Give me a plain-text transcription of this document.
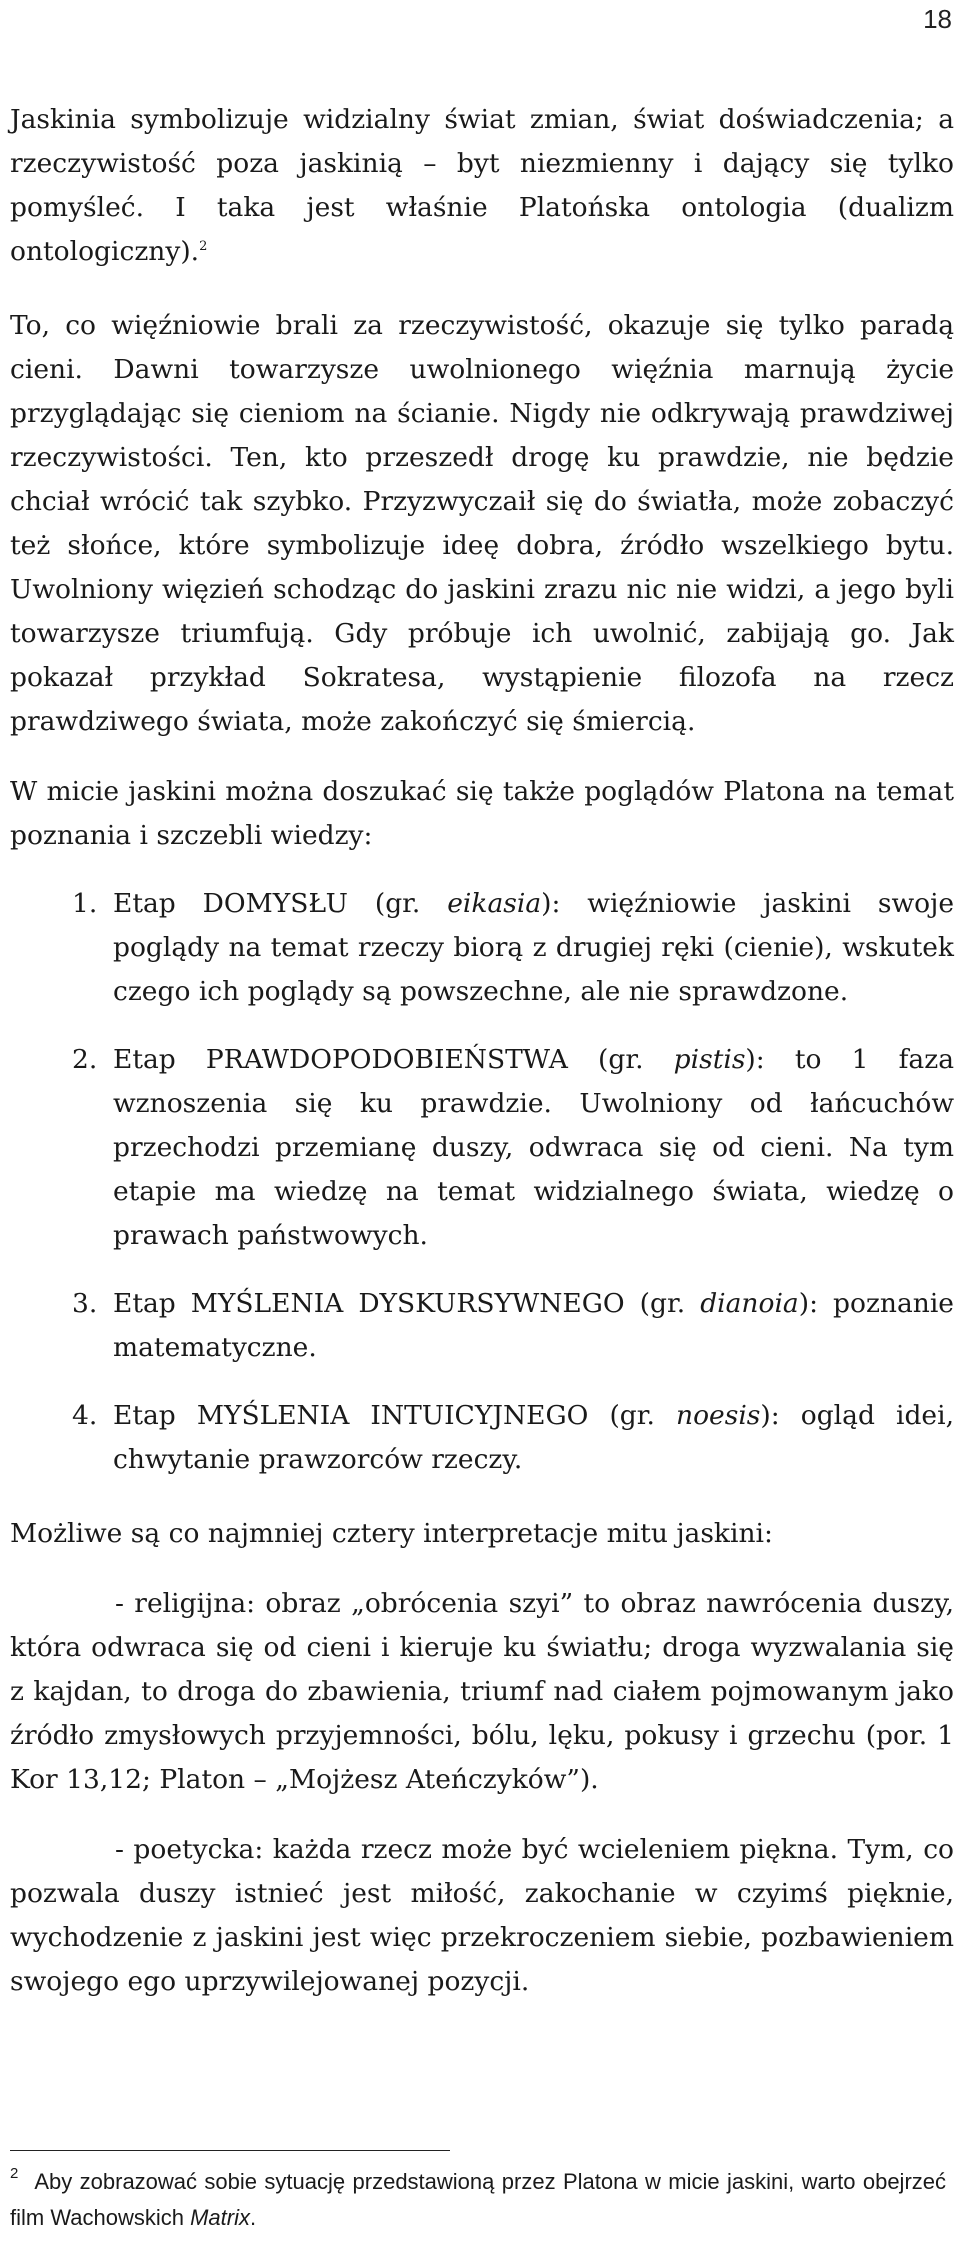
18

Jaskinia symbolizuje widzialny świat zmian, świat doświadczenia; a rzeczywistość poza jaskinią – byt niezmienny i dający się tylko pomyśleć. I taka jest właśnie Platońska ontologia (dualizm ontologiczny).$^2$

To, co więźniowie brali za rzeczywistość, okazuje się tylko paradą cieni. Dawni towarzysze uwolnionego więźnia marnują życie przyglądając się cieniom na ścianie. Nigdy nie odkrywają prawdziwej rzeczywistości. Ten, kto przeszedł drogę ku prawdzie, nie będzie chciał wrócić tak szybko. Przyzwyczaił się do światła, może zobaczyć też słońce, które symbolizuje ideę dobra, źródło wszelkiego bytu. Uwolniony więzień schodząc do jaskini zrazu nic nie widzi, a jego byli towarzysze triumfują. Gdy próbuje ich uwolnić, zabijają go. Jak pokazał przykład Sokratesa, wystąpienie filozofa na rzecz prawdziwego świata, może zakończyć się śmiercią.

W micie jaskini można doszukać się także poglądów Platona na temat poznania i szczebli wiedzy:

1. Etap DOMYSŁU (gr. eikasia): więźniowie jaskini swoje poglądy na temat rzeczy biorą z drugiej ręki (cienie), wskutek czego ich poglądy są powszechne, ale nie sprawdzone.
2. Etap PRAWDOPODOBIEŃSTWA (gr. pistis): to 1 faza wznoszenia się ku prawdzie. Uwolniony od łańcuchów przechodzi przemianę duszy, odwraca się od cieni. Na tym etapie ma wiedzę na temat widzialnego świata, wiedzę o prawach państwowych.
3. Etap MYŚLENIA DYSKURSYWNEGO (gr. dianoia): poznanie matematyczne.
4. Etap MYŚLENIA INTUICYJNEGO (gr. noesis): ogląd idei, chwytanie prawzorców rzeczy.

Możliwe są co najmniej cztery interpretacje mitu jaskini:

- religijna: obraz „obrócenia szyi” to obraz nawrócenia duszy, która odwraca się od cieni i kieruje ku światłu; droga wyzwalania się z kajdan, to droga do zbawienia, triumf nad ciałem pojmowanym jako źródło zmysłowych przyjemności, bólu, lęku, pokusy i grzechu (por. 1 Kor 13,12; Platon – „Mojżesz Ateńczyków”).

- poetycka: każda rzecz może być wcieleniem piękna. Tym, co pozwala duszy istnieć jest miłość, zakochanie w czyimś pięknie, wychodzenie z jaskini jest więc przekroczeniem siebie, pozbawieniem swojego ego uprzywilejowanej pozycji.

$^2$ Aby zobrazować sobie sytuację przedstawioną przez Platona w micie jaskini, warto obejrzeć film Wachowskich Matrix.
